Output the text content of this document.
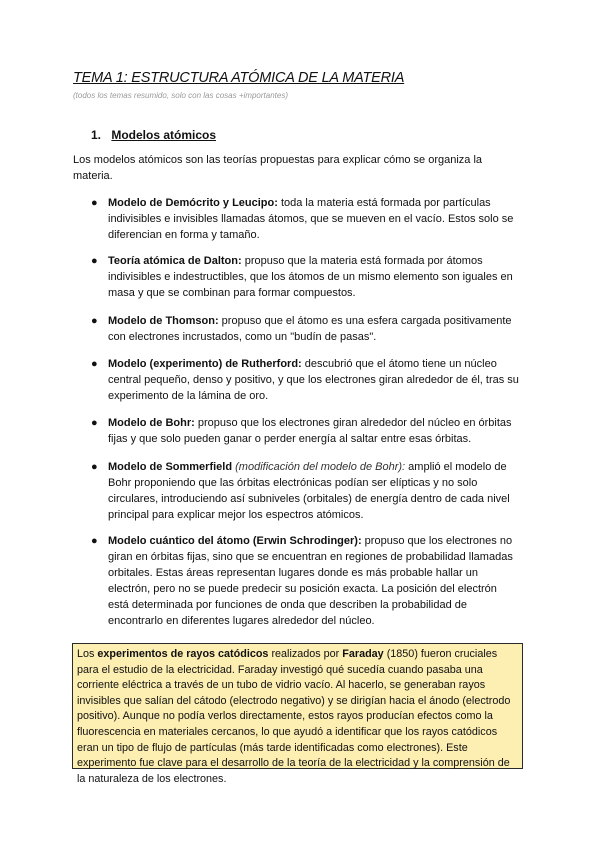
TEMA 1: ESTRUCTURA ATÓMICA DE LA MATERIA
(todos los temas resumido, solo con las cosas +importantes)
1. Modelos atómicos
Los modelos atómicos son las teorías propuestas para explicar cómo se organiza la materia.
● Modelo de Demócrito y Leucipo: toda la materia está formada por partículas indivisibles e invisibles llamadas átomos, que se mueven en el vacío. Estos solo se diferencian en forma y tamaño.
● Teoría atómica de Dalton: propuso que la materia está formada por átomos indivisibles e indestructibles, que los átomos de un mismo elemento son iguales en masa y que se combinan para formar compuestos.
● Modelo de Thomson: propuso que el átomo es una esfera cargada positivamente con electrones incrustados, como un "budín de pasas".
● Modelo (experimento) de Rutherford: descubrió que el átomo tiene un núcleo central pequeño, denso y positivo, y que los electrones giran alrededor de él, tras su experimento de la lámina de oro.
● Modelo de Bohr: propuso que los electrones giran alrededor del núcleo en órbitas fijas y que solo pueden ganar o perder energía al saltar entre esas órbitas.
● Modelo de Sommerfield (modificación del modelo de Bohr): amplió el modelo de Bohr proponiendo que las órbitas electrónicas podían ser elípticas y no solo circulares, introduciendo así subniveles (orbitales) de energía dentro de cada nivel principal para explicar mejor los espectros atómicos.
● Modelo cuántico del átomo (Erwin Schrodinger): propuso que los electrones no giran en órbitas fijas, sino que se encuentran en regiones de probabilidad llamadas orbitales. Estas áreas representan lugares donde es más probable hallar un electrón, pero no se puede predecir su posición exacta. La posición del electrón está determinada por funciones de onda que describen la probabilidad de encontrarlo en diferentes lugares alrededor del núcleo.
Los experimentos de rayos catódicos realizados por Faraday (1850) fueron cruciales para el estudio de la electricidad. Faraday investigó qué sucedía cuando pasaba una corriente eléctrica a través de un tubo de vidrio vacío. Al hacerlo, se generaban rayos invisibles que salían del cátodo (electrodo negativo) y se dirigían hacia el ánodo (electrodo positivo). Aunque no podía verlos directamente, estos rayos producían efectos como la fluorescencia en materiales cercanos, lo que ayudó a identificar que los rayos catódicos eran un tipo de flujo de partículas (más tarde identificadas como electrones). Este experimento fue clave para el desarrollo de la teoría de la electricidad y la comprensión de la naturaleza de los electrones.
